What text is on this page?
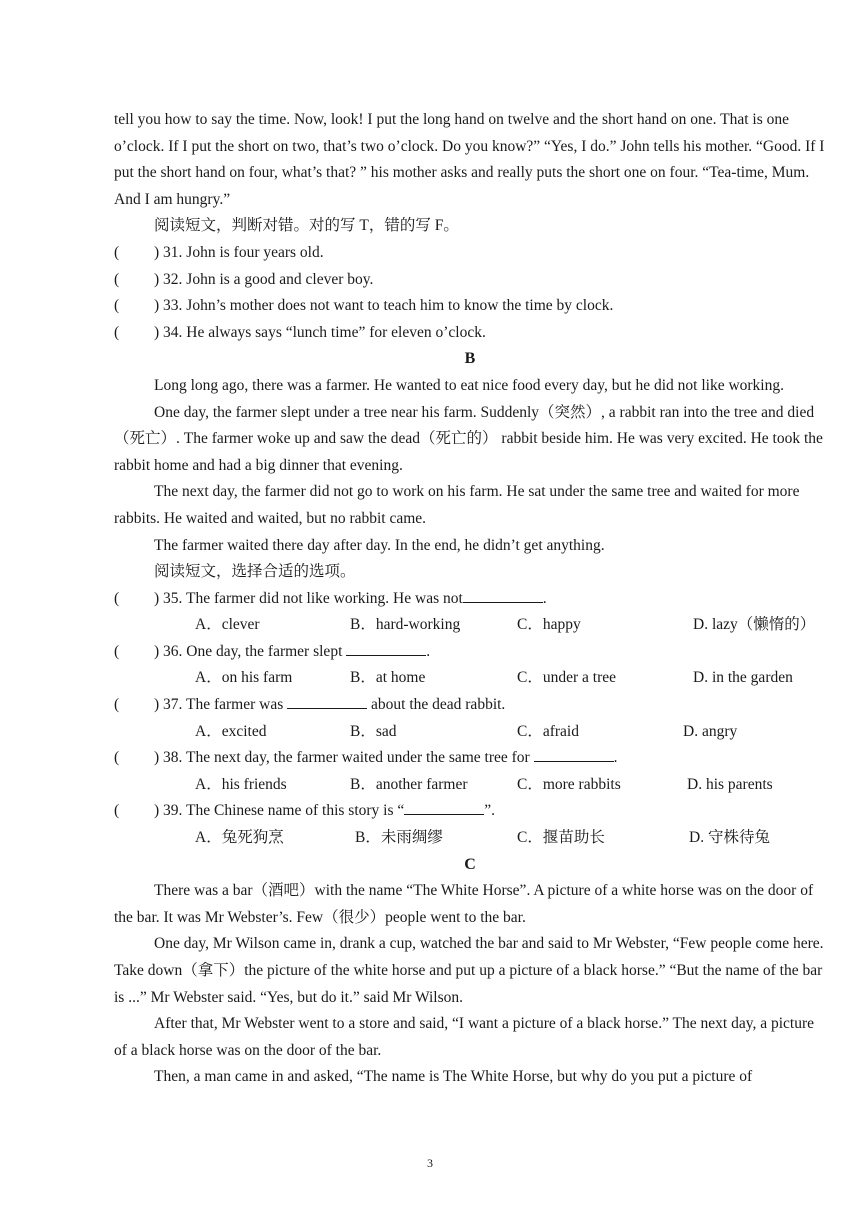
tell you how to say the time. Now, look! I put the long hand on twelve and the short hand on one. That is one o’clock. If I put the short on two, that’s two o’clock. Do you know?” “Yes, I do.” John tells his mother. “Good. If I put the short hand on four, what’s that? ” his mother asks and really puts the short one on four. “Tea-time, Mum. And I am hungry.”

阅读短文，判断对错。对的写 T，错的写 F。

(	) 31. John is four years old.
(	) 32. John is a good and clever boy.
(	) 33. John’s mother does not want to teach him to know the time by clock.
(	) 34. He always says “lunch time” for eleven o’clock.

B

Long long ago, there was a farmer. He wanted to eat nice food every day, but he did not like working.

One day, the farmer slept under a tree near his farm. Suddenly（突然）, a rabbit ran into the tree and died（死亡）. The farmer woke up and saw the dead（死亡的） rabbit beside him. He was very excited. He took the rabbit home and had a big dinner that evening.

The next day, the farmer did not go to work on his farm. He sat under the same tree and waited for more rabbits. He waited and waited, but no rabbit came.

The farmer waited there day after day. In the end, he didn’t get anything.

阅读短文，选择合适的选项。

(	) 35. The farmer did not like working. He was not	.
A．clever	B．hard-working	C．happy	D. lazy（懒惰的）
(	) 36. One day, the farmer slept	.
A．on his farm	B．at home	C．under a tree	D. in the garden
(	) 37. The farmer was	about the dead rabbit.
A．excited	B．sad	C．afraid	D. angry
(	) 38. The next day, the farmer waited under the same tree for	.
A．his friends	B．another farmer	C．more rabbits	D. his parents
(	) 39. The Chinese name of this story is “	”.
A．兔死狗烹	B．未雨绸缪	C．揠苗助长	D. 守株待兔

C

There was a bar（酒吧）with the name “The White Horse”. A picture of a white horse was on the door of the bar. It was Mr Webster’s. Few（很少）people went to the bar.

One day, Mr Wilson came in, drank a cup, watched the bar and said to Mr Webster, “Few people come here. Take down（拿下）the picture of the white horse and put up a picture of a black horse.” “But the name of the bar is ...” Mr Webster said. “Yes, but do it.” said Mr Wilson.

After that, Mr Webster went to a store and said, “I want a picture of a black horse.” The next day, a picture of a black horse was on the door of the bar.

Then, a man came in and asked, “The name is The White Horse, but why do you put a picture of

3
